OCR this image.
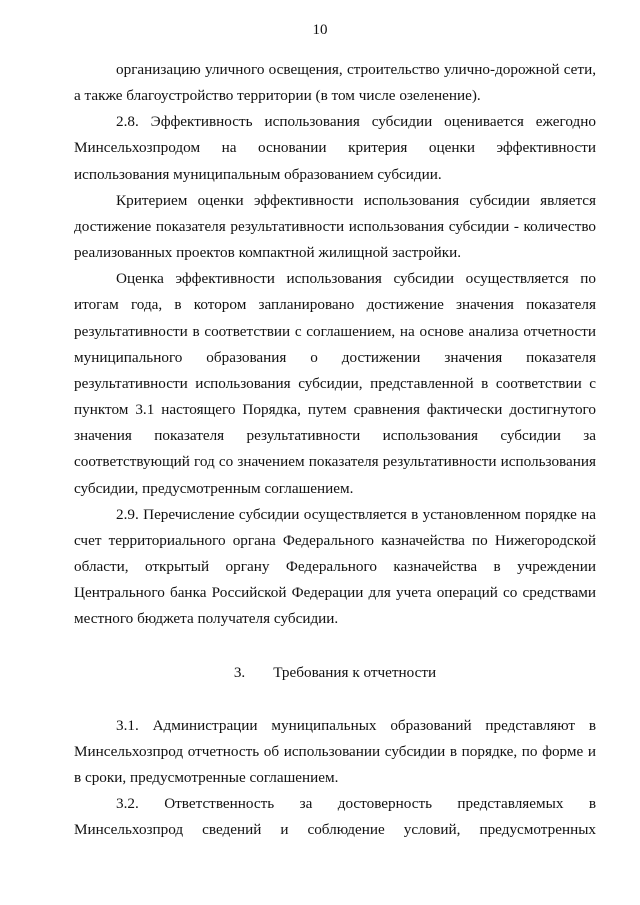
10

организацию уличного освещения, строительство улично-дорожной сети, а также благоустройство территории (в том числе озеленение).

2.8. Эффективность использования субсидии оценивается ежегодно Минсельхозпродом на основании критерия оценки эффективности использования муниципальным образованием субсидии.

Критерием оценки эффективности использования субсидии является достижение показателя результативности использования субсидии - количество реализованных проектов компактной жилищной застройки.

Оценка эффективности использования субсидии осуществляется по итогам года, в котором запланировано достижение значения показателя результативности в соответствии с соглашением, на основе анализа отчетности муниципального образования о достижении значения показателя результативности использования субсидии, представленной в соответствии с пунктом 3.1 настоящего Порядка, путем сравнения фактически достигнутого значения показателя результативности использования субсидии за соответствующий год со значением показателя результативности использования субсидии, предусмотренным соглашением.

2.9. Перечисление субсидии осуществляется в установленном порядке на счет территориального органа Федерального казначейства по Нижегородской области, открытый органу Федерального казначейства в учреждении Центрального банка Российской Федерации для учета операций со средствами местного бюджета получателя субсидии.

3. Требования к отчетности

3.1. Администрации муниципальных образований представляют в Минсельхозпрод отчетность об использовании субсидии в порядке, по форме и в сроки, предусмотренные соглашением.

3.2. Ответственность за достоверность представляемых в Минсельхозпрод сведений и соблюдение условий, предусмотренных
